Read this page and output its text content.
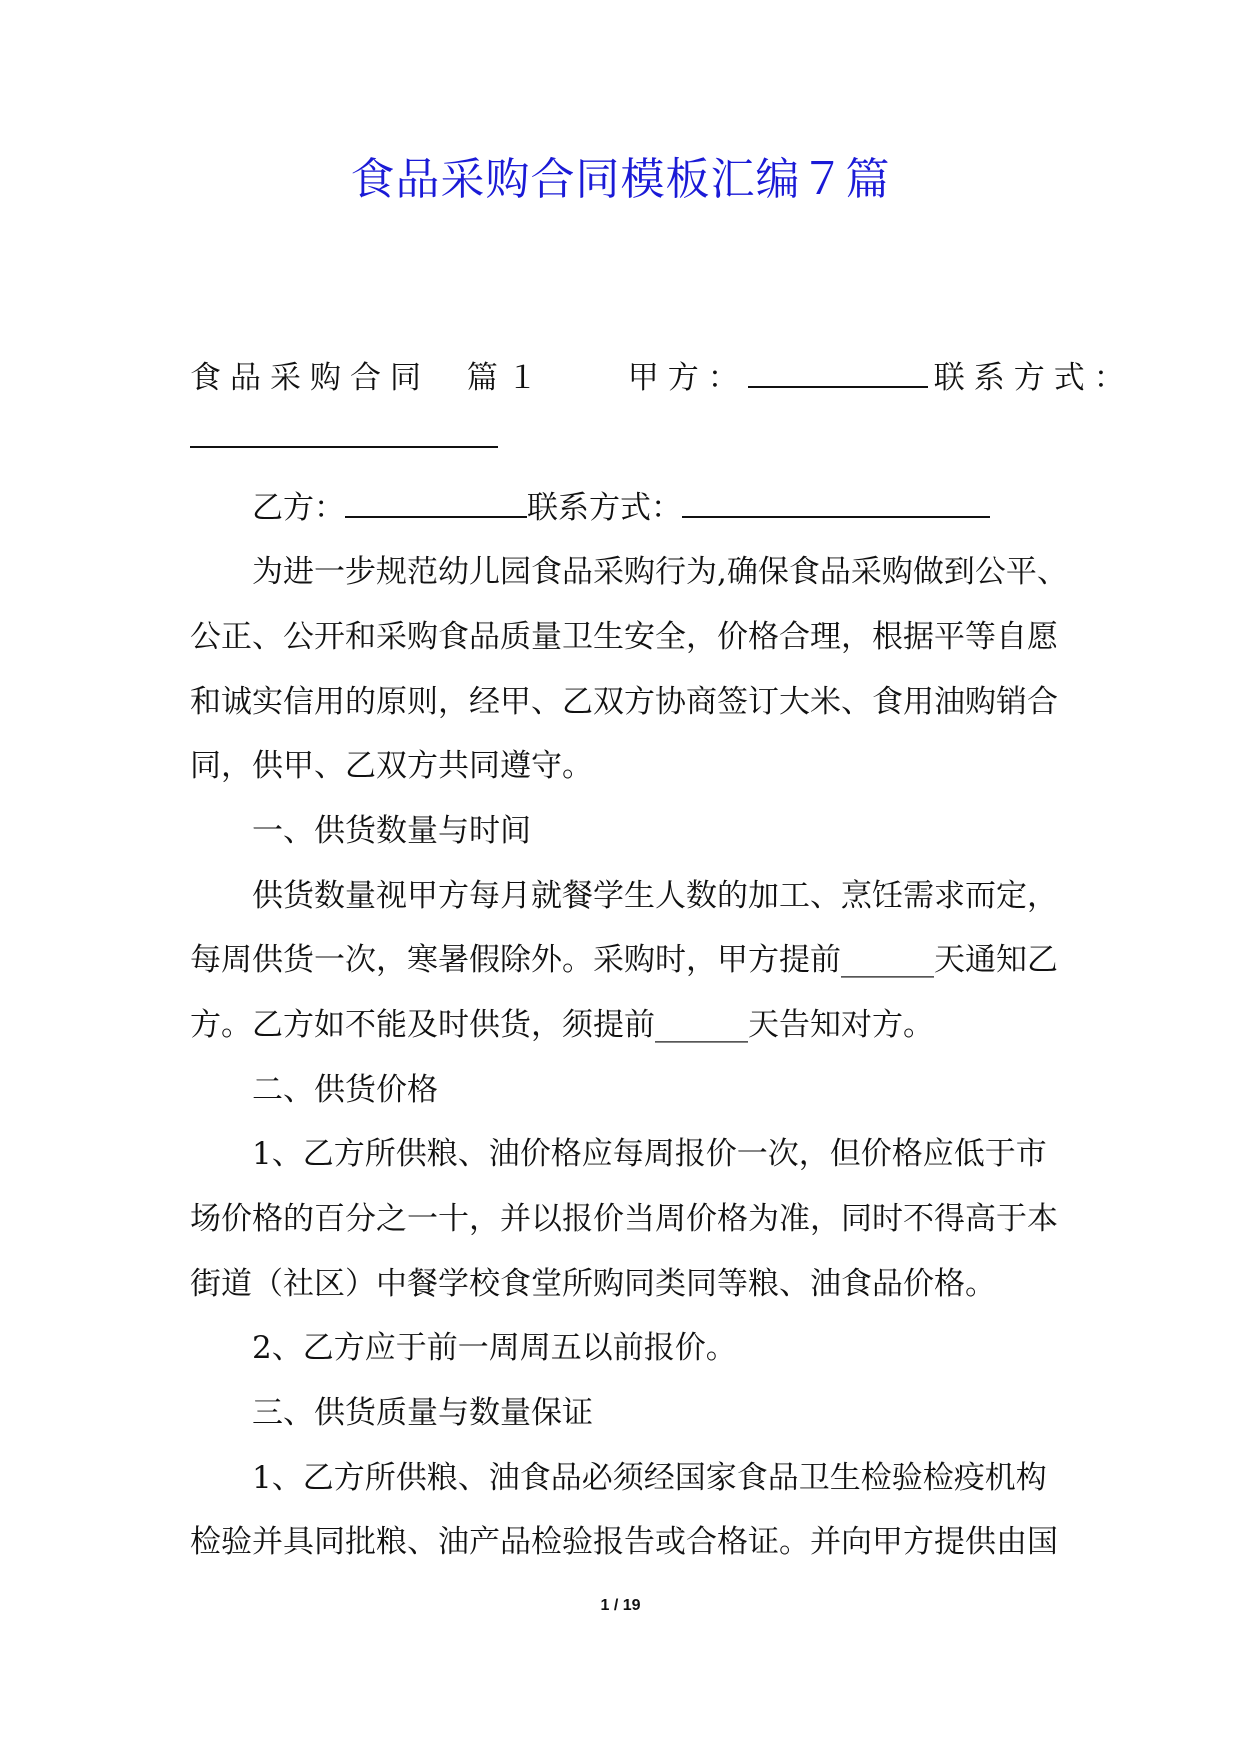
食品采购合同模板汇编７篇
食品采购合同 篇１	甲方：	联系方式：
乙方：	联系方式：
为进一步规范幼儿园食品采购行为,确保食品采购做到公平、
公正、公开和采购食品质量卫生安全，价格合理，根据平等自愿
和诚实信用的原则，经甲、乙双方协商签订大米、食用油购销合
同，供甲、乙双方共同遵守。
一、供货数量与时间
供货数量视甲方每月就餐学生人数的加工、烹饪需求而定，
每周供货一次，寒暑假除外。采购时，甲方提前______天通知乙
方。乙方如不能及时供货，须提前______天告知对方。
二、供货价格
1、乙方所供粮、油价格应每周报价一次，但价格应低于市
场价格的百分之一十，并以报价当周价格为准，同时不得高于本
街道（社区）中餐学校食堂所购同类同等粮、油食品价格。
2、乙方应于前一周周五以前报价。
三、供货质量与数量保证
1、乙方所供粮、油食品必须经国家食品卫生检验检疫机构
检验并具同批粮、油产品检验报告或合格证。并向甲方提供由国
1 / 19
